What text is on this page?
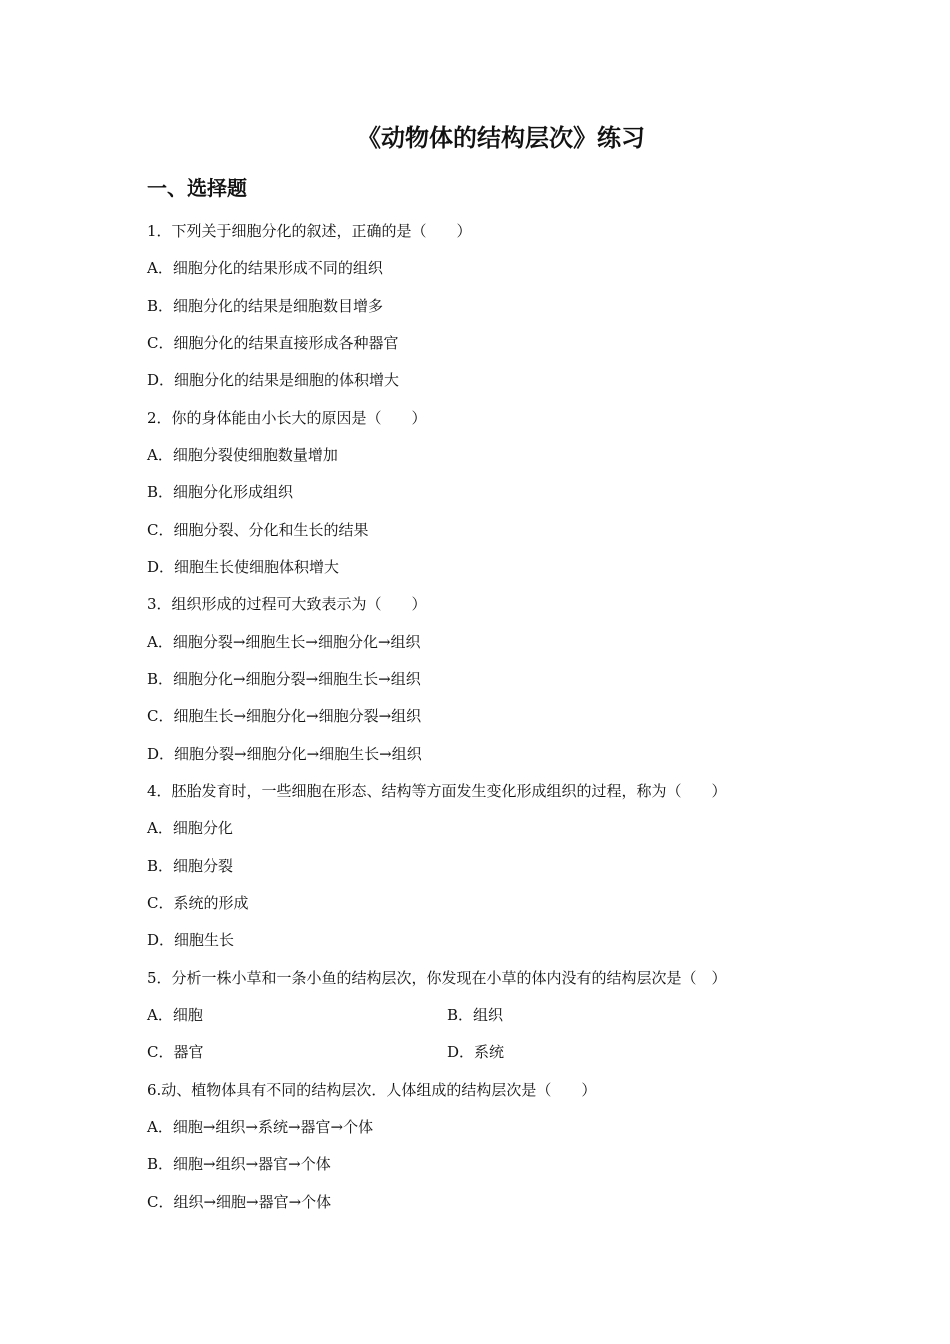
《动物体的结构层次》练习
一、选择题
1．下列关于细胞分化的叙述，正确的是（　　）
A．细胞分化的结果形成不同的组织
B．细胞分化的结果是细胞数目增多
C．细胞分化的结果直接形成各种器官
D．细胞分化的结果是细胞的体积增大
2．你的身体能由小长大的原因是（　　）
A．细胞分裂使细胞数量增加
B．细胞分化形成组织
C．细胞分裂、分化和生长的结果
D．细胞生长使细胞体积增大
3．组织形成的过程可大致表示为（　　）
A．细胞分裂→细胞生长→细胞分化→组织
B．细胞分化→细胞分裂→细胞生长→组织
C．细胞生长→细胞分化→细胞分裂→组织
D．细胞分裂→细胞分化→细胞生长→组织
4．胚胎发育时，一些细胞在形态、结构等方面发生变化形成组织的过程，称为（　　）
A．细胞分化
B．细胞分裂
C．系统的形成
D．细胞生长
5．分析一株小草和一条小鱼的结构层次，你发现在小草的体内没有的结构层次是（　）
A．细胞	B．组织
C．器官	D．系统
6.动、植物体具有不同的结构层次．人体组成的结构层次是（　　）
A．细胞→组织→系统→器官→个体
B．细胞→组织→器官→个体
C．组织→细胞→器官→个体
